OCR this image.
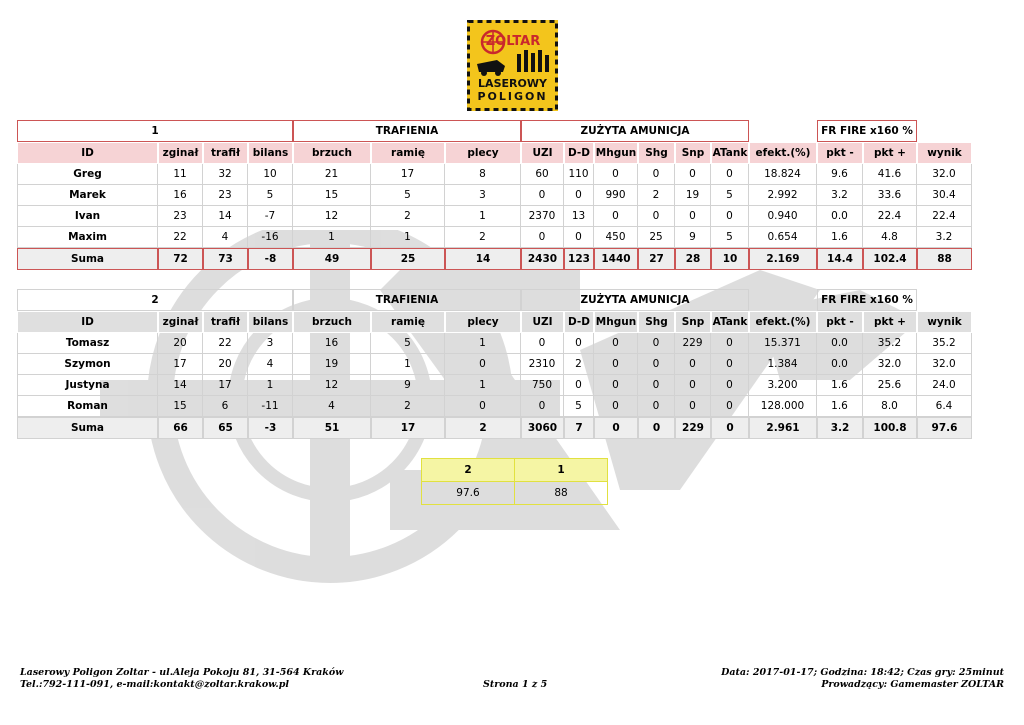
ZOLTAR
LASEROWY
POLIGON
1				TRAFIENIA			ZUŻYTA AMUNICJA							FR FIRE x160 %		
ID	zginał	trafił	bilans	brzuch	ramię	plecy	UZI	D-D	Mhgun	Shg	Snp	ATank	efekt.(%)	pkt -	pkt +	wynik
Greg	11	32	10	21	17	8	60	110	0	0	0	0	18.824	9.6	41.6	32.0
Marek	16	23	5	15	5	3	0	0	990	2	19	5	2.992	3.2	33.6	30.4
Ivan	23	14	-7	12	2	1	2370	13	0	0	0	0	0.940	0.0	22.4	22.4
Maxim	22	4	-16	1	1	2	0	0	450	25	9	5	0.654	1.6	4.8	3.2
Suma	72	73	-8	49	25	14	2430	123	1440	27	28	10	2.169	14.4	102.4	88
2				TRAFIENIA			ZUŻYTA AMUNICJA							FR FIRE x160 %		
ID	zginał	trafił	bilans	brzuch	ramię	plecy	UZI	D-D	Mhgun	Shg	Snp	ATank	efekt.(%)	pkt -	pkt +	wynik
Tomasz	20	22	3	16	5	1	0	0	0	0	229	0	15.371	0.0	35.2	35.2
Szymon	17	20	4	19	1	0	2310	2	0	0	0	0	1.384	0.0	32.0	32.0
Justyna	14	17	1	12	9	1	750	0	0	0	0	0	3.200	1.6	25.6	24.0
Roman	15	6	-11	4	2	0	0	5	0	0	0	0	128.000	1.6	8.0	6.4
Suma	66	65	-3	51	17	2	3060	7	0	0	229	0	2.961	3.2	100.8	97.6
2	1
97.6	88
Laserowy Poligon Zoltar - ul.Aleja Pokoju 81, 31-564 Kraków
Tel.:792-111-091, e-mail:kontakt@zoltar.krakow.pl	Strona 1 z 5
Data: 2017-01-17; Godzina: 18:42; Czas gry: 25minut
Prowadzący: Gamemaster ZOLTAR
